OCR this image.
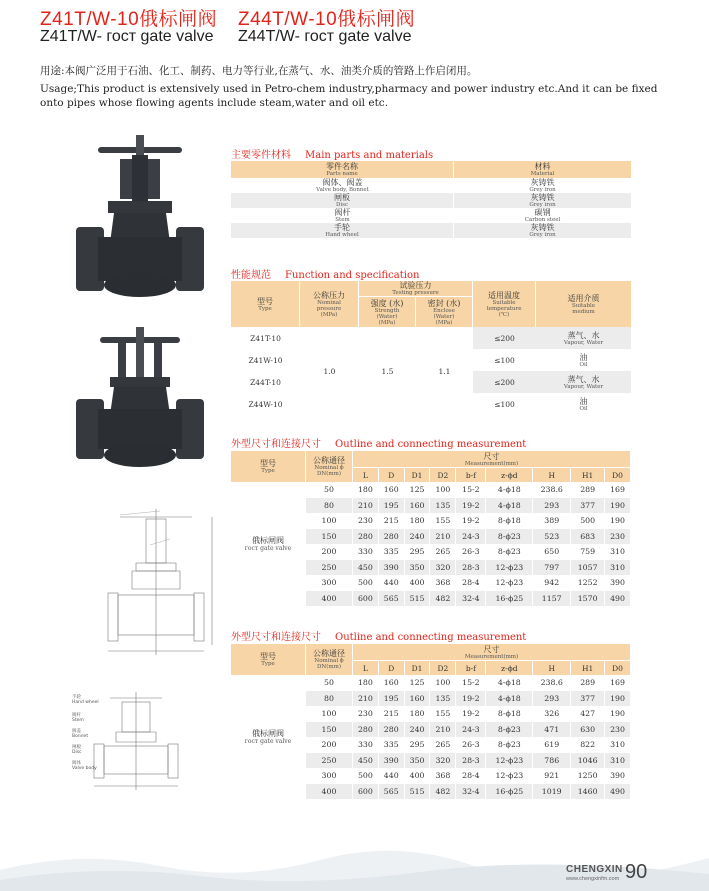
Z41T/W-10俄标闸阀 Z44T/W-10俄标闸阀
Z41T/W- гост gate valve Z44T/W- гост gate valve
用途:本阀广泛用于石油、化工、制药、电力等行业,在蒸气、水、油类介质的管路上作启闭用。
Usage;This product is extensively used in Petro-chem industry,pharmacy and power industry etc.And it can be fixed
onto pipes whose flowing agents include steam,water and oil etc.
手轮
Hand wheel
阀杆
Stem
阀盖
Bonnet
闸板
Disc
阀体
Valve body
主要零件材料 Main parts and materials
零件名称
Parts name	材料
Material

阀体、阀盖
Valve body, Bonnet	灰铸铁
Grey iron

闸板
Disc	灰铸铁
Grey iron

阀杆
Stem	碳钢
Carbon steel

手轮
Hand wheel	灰铸铁
Grey iron
性能规范 Function and specification
型号
Type	公称压力
Nominal
pressure
(MPa)	试验压力
Testing pressure		适用温度
Suitable
temperature
(℃)	适用介质
Suitable
medium

		强度 (水)
Strength
(Water)
(MPa)	密封 (水)
Enclose
(Water)
(MPa)		

Z41T-10	1.0	1.5	1.1	≤200	蒸气、水
Vapour, Water

Z41W-10				≤100	油
Oil

Z44T-10				≤200	蒸气、水
Vapour, Water

Z44W-10				≤100	油
Oil
外型尺寸和连接尺寸 Outline and connecting measurement
型号
Type	公称通径
Nominal ϕ
DN(mm)	尺寸
Measurement(mm)								

		L	D	D1	D2	b-f	z-ϕd	H	H1	D0

俄标闸阀
гост gate valve	50	180	160	125	100	15-2	4-ϕ18	238.6	289	169
	80	210	195	160	135	19-2	4-ϕ18	293	377	190
	100	230	215	180	155	19-2	8-ϕ18	389	500	190
	150	280	280	240	210	24-3	8-ϕ23	523	683	230
	200	330	335	295	265	26-3	8-ϕ23	650	759	310
	250	450	390	350	320	28-3	12-ϕ23	797	1057	310
	300	500	440	400	368	28-4	12-ϕ23	942	1252	390
	400	600	565	515	482	32-4	16-ϕ25	1157	1570	490
外型尺寸和连接尺寸 Outline and connecting measurement
型号
Type	公称通径
Nominal ϕ
DN(mm)	尺寸
Measurement(mm)								

		L	D	D1	D2	b-f	z-ϕd	H	H1	D0

俄标闸阀
гост gate valve	50	180	160	125	100	15-2	4-ϕ18	238.6	289	169
	80	210	195	160	135	19-2	4-ϕ18	293	377	190
	100	230	215	180	155	19-2	8-ϕ18	326	427	190
	150	280	280	240	210	24-3	8-ϕ23	471	630	230
	200	330	335	295	265	26-3	8-ϕ23	619	822	310
	250	450	390	350	320	28-3	12-ϕ23	786	1046	310
	300	500	440	400	368	28-4	12-ϕ23	921	1250	390
	400	600	565	515	482	32-4	16-ϕ25	1019	1460	490
CHENGXIN
www.chengxinfm.com 90
